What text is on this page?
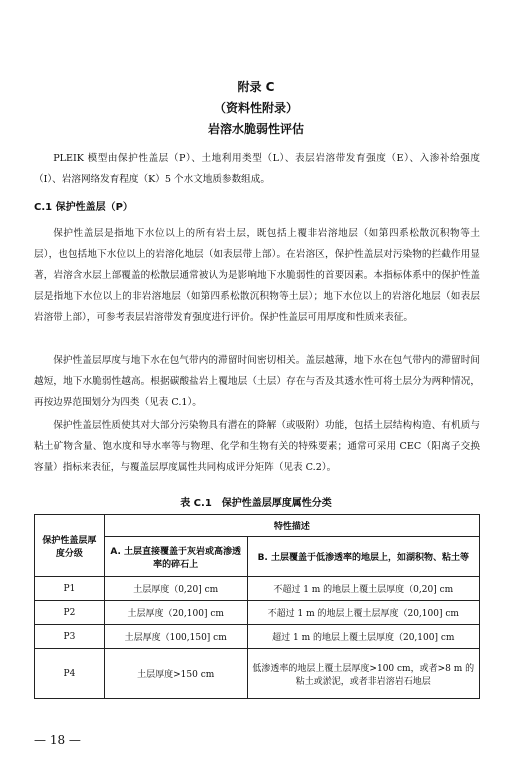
附录 C
（资料性附录）
岩溶水脆弱性评估
PLEIK 模型由保护性盖层（P）、土地利用类型（L）、表层岩溶带发育强度（E）、入渗补给强度（I）、岩溶网络发育程度（K）5 个水文地质参数组成。
C.1 保护性盖层（P）
保护性盖层是指地下水位以上的所有岩土层，既包括上覆非岩溶地层（如第四系松散沉积物等土层），也包括地下水位以上的岩溶化地层（如表层带上部）。在岩溶区，保护性盖层对污染物的拦截作用显著，岩溶含水层上部覆盖的松散层通常被认为是影响地下水脆弱性的首要因素。本指标体系中的保护性盖层是指地下水位以上的非岩溶地层（如第四系松散沉积物等土层）；地下水位以上的岩溶化地层（如表层岩溶带上部），可参考表层岩溶带发育强度进行评价。保护性盖层可用厚度和性质来表征。
保护性盖层厚度与地下水在包气带内的滞留时间密切相关。盖层越薄，地下水在包气带内的滞留时间越短，地下水脆弱性越高。根据碳酸盐岩上覆地层（土层）存在与否及其透水性可将土层分为两种情况，再按边界范围划分为四类（见表 C.1）。
保护性盖层性质使其对大部分污染物具有潜在的降解（或吸附）功能，包括土层结构构造、有机质与粘土矿物含量、饱水度和导水率等与物理、化学和生物有关的特殊要素；通常可采用 CEC（阳离子交换容量）指标来表征，与覆盖层厚度属性共同构成评分矩阵（见表 C.2）。
表 C.1　保护性盖层厚度属性分类
保护性盖层厚度分级	特性描述	
	A. 土层直接覆盖于灰岩或高渗透率的碎石上	B. 土层覆盖于低渗透率的地层上，如湖积物、粘土等
P1	土层厚度（0,20] cm	不超过 1 m 的地层上覆土层厚度（0,20] cm
P2	土层厚度（20,100] cm	不超过 1 m 的地层上覆土层厚度（20,100] cm
P3	土层厚度（100,150] cm	超过 1 m 的地层上覆土层厚度（20,100] cm
P4	土层厚度>150 cm	低渗透率的地层上覆土层厚度>100 cm，或者>8 m 的粘土或淤泥，或者非岩溶岩石地层
— 18 —
